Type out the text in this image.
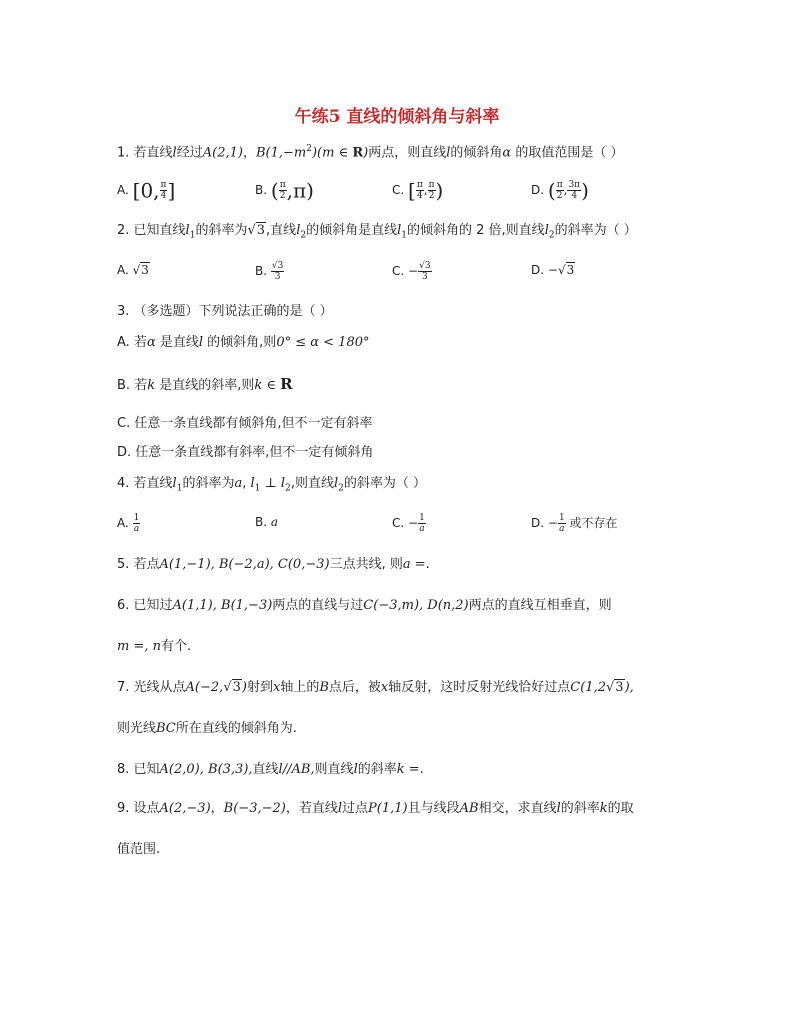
午练5 直线的倾斜角与斜率
1. 若直线l经过A(2,1)，$B(1,-m^2)(m$ ∈ R)两点，则直线l的倾斜角α 的取值范围是（ ）
A. [0, $\frac{\pi}{4}$ ]	B. ( $\frac{\pi}{2} ,\pi$)	C. [ $\frac{\pi}{4}$ , $\frac{\pi}{2}$ )	D. ( $\frac{\pi}{2}$ , $\frac{3\pi}{4}$ )
2. 已知直线$l_1$的斜率为√3,直线$l_2$的倾斜角是直线$l_1$的倾斜角的 2 倍,则直线$l_2$的斜率为（ ）
A. √3	B. $\frac{√3}{3}$	C. − $\frac{√3}{3}$	D. −√3
3. （多选题）下列说法正确的是（ ）
A. 若α 是直线l 的倾斜角,则0° ≤ α < 180°
B. 若k 是直线的斜率,则k ∈ R
C. 任意一条直线都有倾斜角,但不一定有斜率
D. 任意一条直线都有斜率,但不一定有倾斜角
4. 若直线$l_1$的斜率为a, $l_1$ ⊥ $l_2$,则直线$l_2$的斜率为（ ）
A. $\frac{1}{a}$	B. a	C. − $\frac{1}{a}$	D. − $\frac{1}{a}$ 或不存在
5. 若点A(1,−1), B(−2,a), C(0,−3)三点共线, 则a =.
6. 已知过A(1,1), B(1,−3)两点的直线与过C(−3,m), D(n,2)两点的直线互相垂直，则
m =, n有个.
7. 光线从点A(−2,√3)射到x轴上的B点后，被x轴反射，这时反射光线恰好过点C(1,2√3),
则光线BC所在直线的倾斜角为.
8. 已知A(2,0), B(3,3),直线l//AB,则直线l的斜率k =.
9. 设点A(2,−3)，B(−3,−2)，若直线l过点P(1,1)且与线段AB相交，求直线l的斜率k的取
值范围.
